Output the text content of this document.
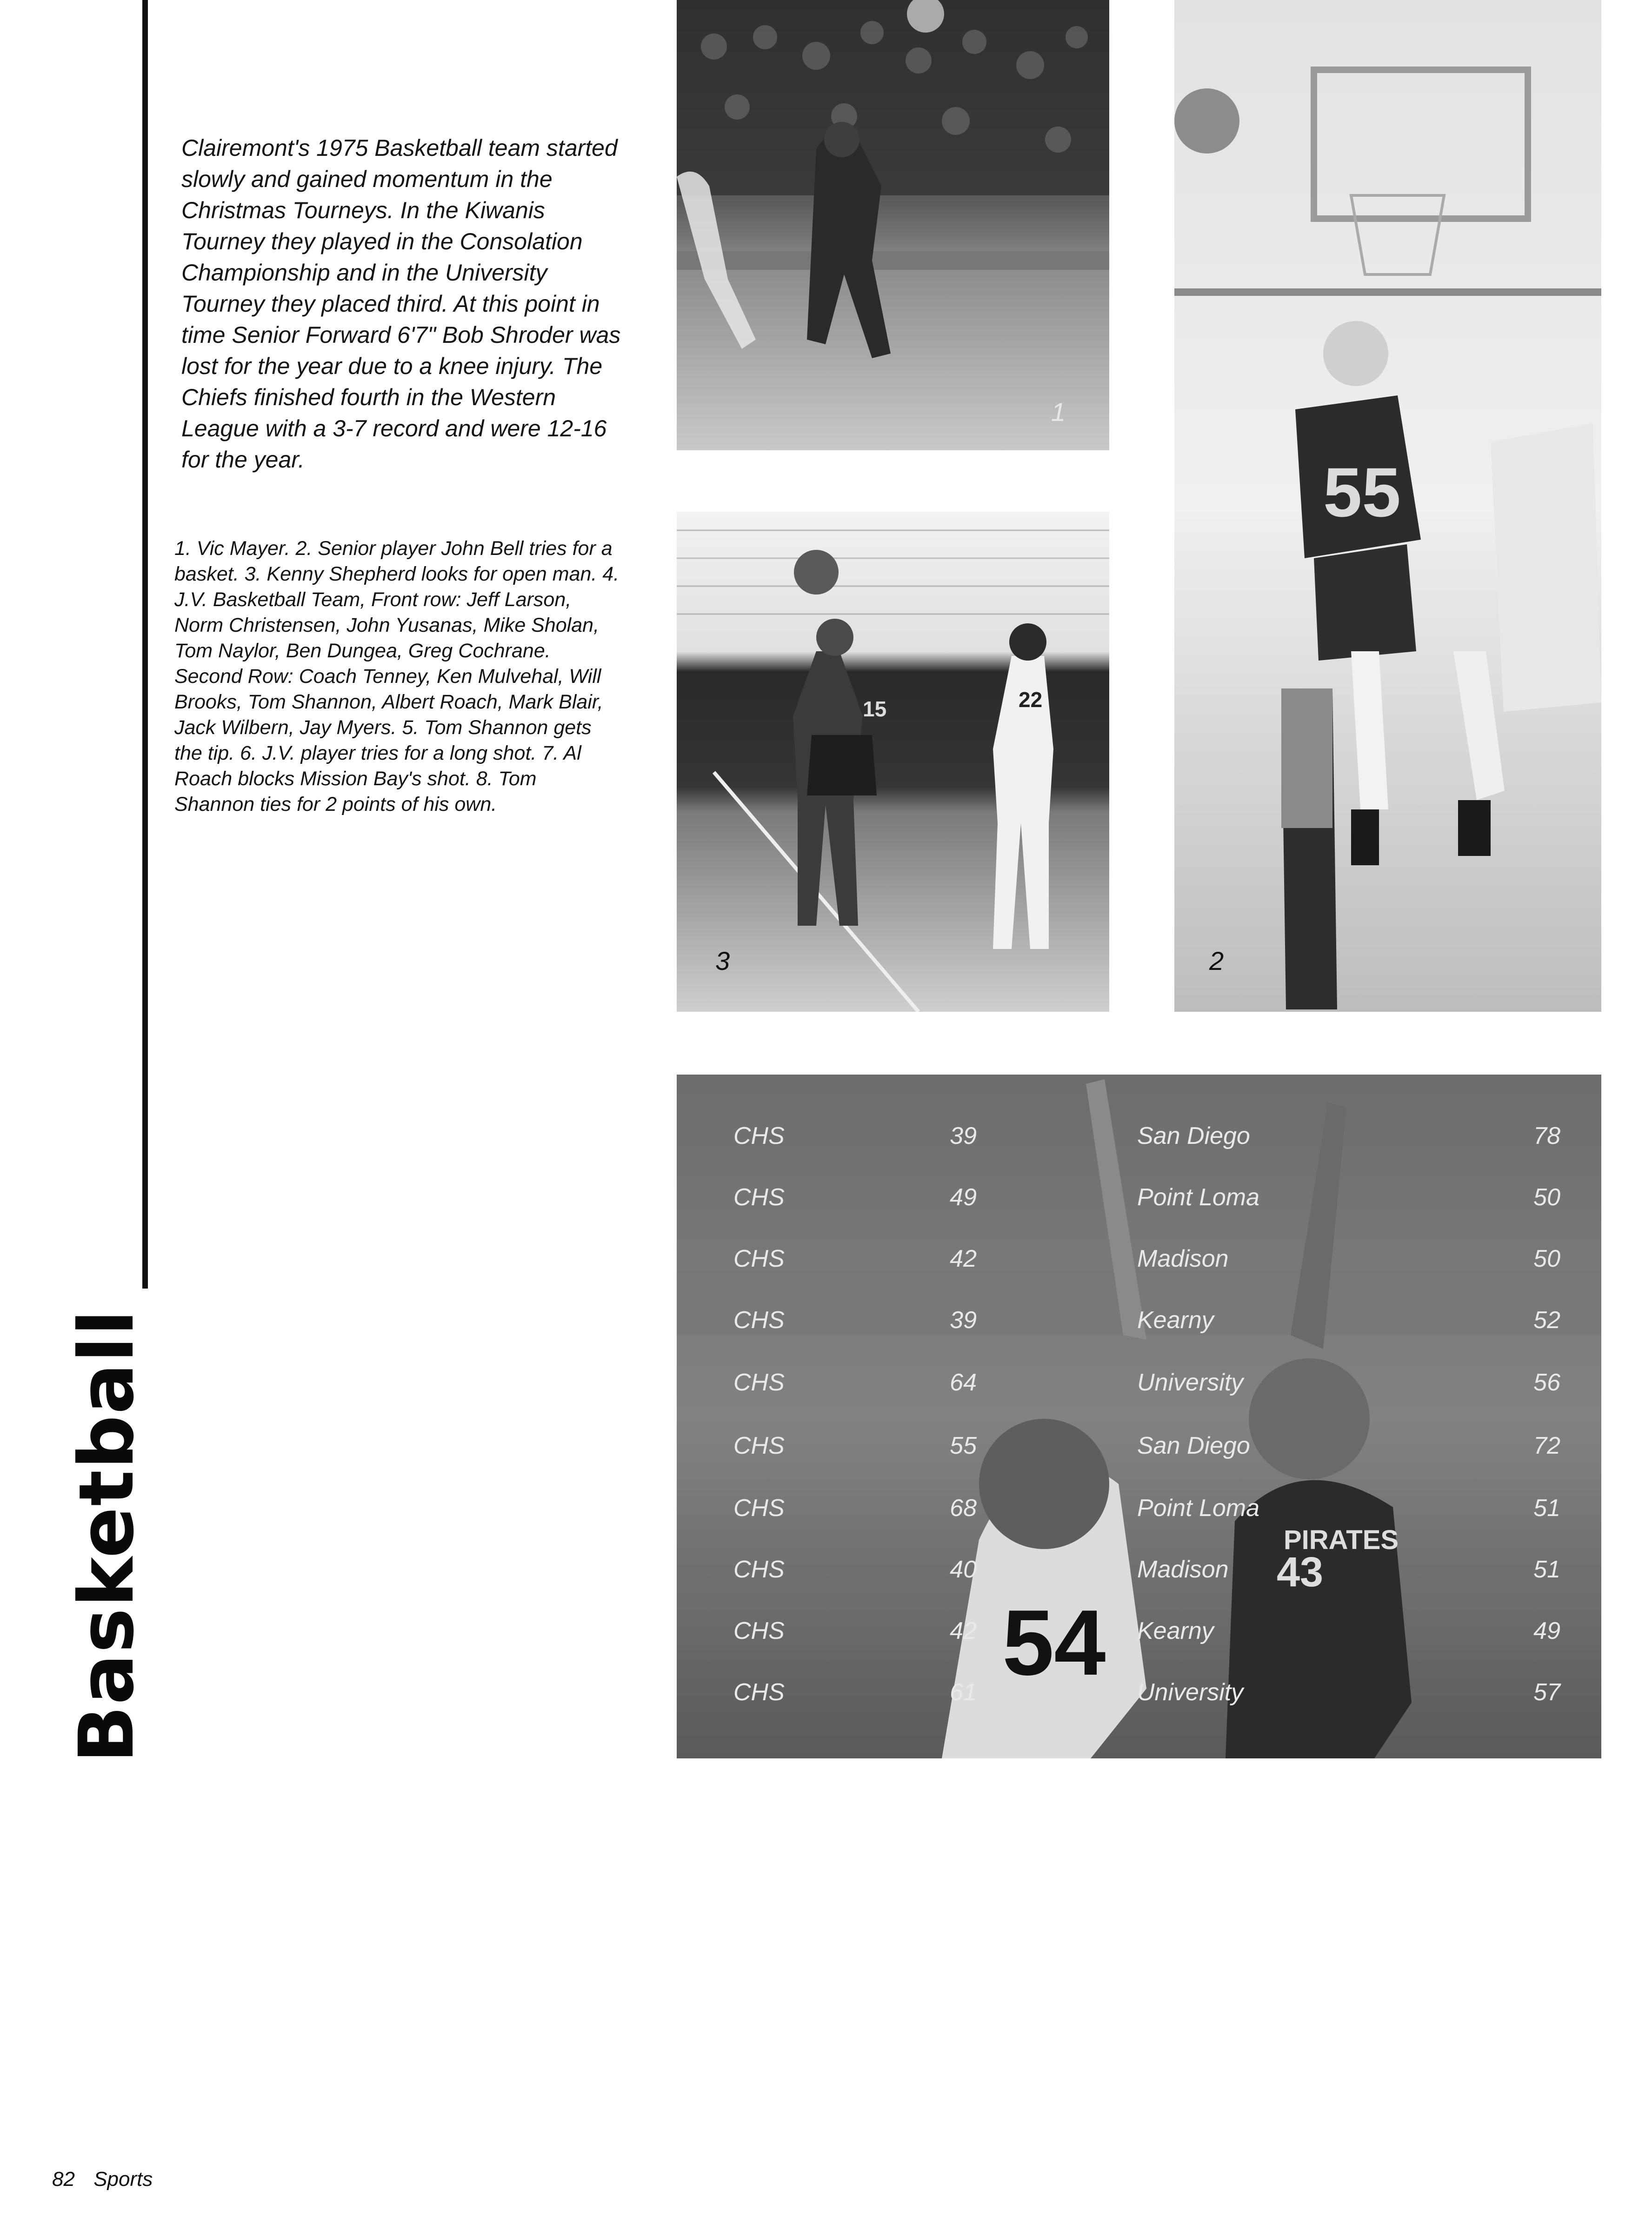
Basketball
Clairemont's 1975 Basketball team started slowly and gained momentum in the Christmas Tourneys. In the Kiwanis Tourney they played in the Consolation Championship and in the University Tourney they placed third. At this point in time Senior Forward 6'7" Bob Shroder was lost for the year due to a knee injury. The Chiefs finished fourth in the Western League with a 3-7 record and were 12-16 for the year.
1. Vic Mayer. 2. Senior player John Bell tries for a basket. 3. Kenny Shepherd looks for open man. 4. J.V. Basketball Team, Front row: Jeff Larson, Norm Christensen, John Yusanas, Mike Sholan, Tom Naylor, Ben Dungea, Greg Cochrane. Second Row: Coach Tenney, Ken Mulvehal, Will Brooks, Tom Shannon, Albert Roach, Mark Blair, Jack Wilbern, Jay Myers. 5. Tom Shannon gets the tip. 6. J.V. player tries for a long shot. 7. Al Roach blocks Mission Bay's shot. 8. Tom Shannon ties for 2 points of his own.
1
3
15	22
55
2
54
43
PIRATES
CHS	39	San Diego	78
CHS	49	Point Loma	50
CHS	42	Madison	50
CHS	39	Kearny	52
CHS	64	University	56
CHS	55	San Diego	72
CHS	68	Point Loma	51
CHS	40	Madison	51
CHS	42	Kearny	49
CHS	61	University	57
82 Sports
